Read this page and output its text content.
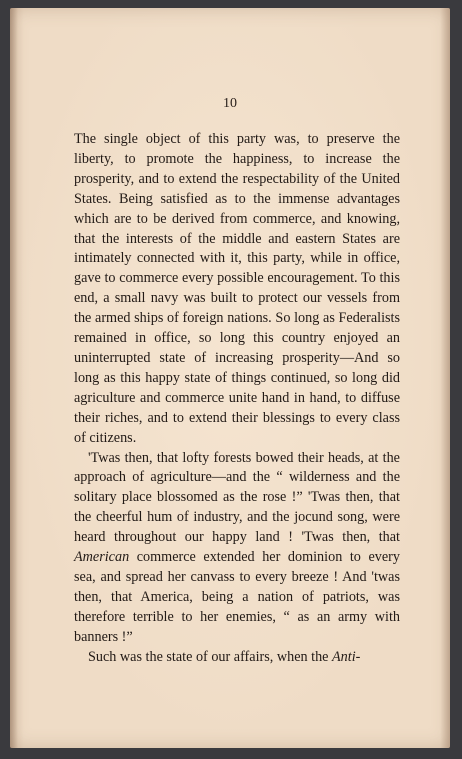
10

The single object of this party was, to preserve the liberty, to promote the happiness, to increase the prosperity, and to extend the respectability of the United States. Being satisfied as to the immense advantages which are to be derived from commerce, and knowing, that the interests of the middle and eastern States are intimately connected with it, this party, while in office, gave to commerce every possible encouragement. To this end, a small navy was built to protect our vessels from the armed ships of foreign nations. So long as Federalists remained in office, so long this country enjoyed an uninterrupted state of increasing prosperity—And so long as this happy state of things continued, so long did agriculture and commerce unite hand in hand, to diffuse their riches, and to extend their blessings to every class of citizens.

'Twas then, that lofty forests bowed their heads, at the approach of agriculture—and the “ wilderness and the solitary place blossomed as the rose !” 'Twas then, that the cheerful hum of industry, and the jocund song, were heard throughout our happy land ! 'Twas then, that American commerce extended her dominion to every sea, and spread her canvass to every breeze ! And 'twas then, that America, being a nation of patriots, was therefore terrible to her enemies, “ as an army with banners !”

Such was the state of our affairs, when the Anti-
